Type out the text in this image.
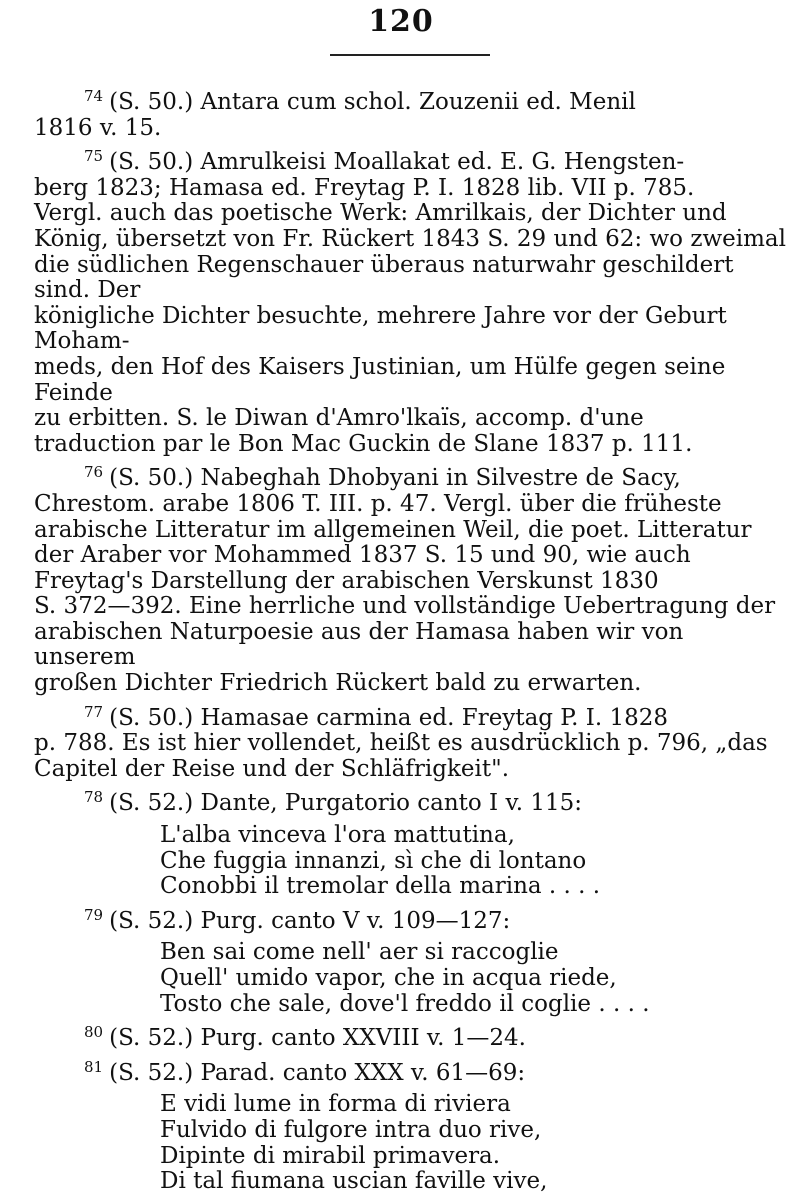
120
$^{74}$ (S. 50.) Antara cum schol. Zouzenii ed. Menil
1816 v. 15.
$^{75}$ (S. 50.) Amrulkeisi Moallakat ed. E. G. Hengsten-
berg 1823; Hamasa ed. Freytag P. I. 1828 lib. VII p. 785.
Vergl. auch das poetische Werk: Amrilkais, der Dichter und
König, übersetzt von Fr. Rückert 1843 S. 29 und 62: wo zweimal
die südlichen Regenschauer überaus naturwahr geschildert sind. Der
königliche Dichter besuchte, mehrere Jahre vor der Geburt Moham-
meds, den Hof des Kaisers Justinian, um Hülfe gegen seine Feinde
zu erbitten. S. le Diwan d'Amro'lkaïs, accomp. d'une
traduction par le Bon Mac Guckin de Slane 1837 p. 111.
$^{76}$ (S. 50.) Nabeghah Dhobyani in Silvestre de Sacy,
Chrestom. arabe 1806 T. III. p. 47. Vergl. über die früheste
arabische Litteratur im allgemeinen Weil, die poet. Litteratur
der Araber vor Mohammed 1837 S. 15 und 90, wie auch
Freytag's Darstellung der arabischen Verskunst 1830
S. 372—392. Eine herrliche und vollständige Uebertragung der
arabischen Naturpoesie aus der Hamasa haben wir von unserem
großen Dichter Friedrich Rückert bald zu erwarten.
$^{77}$ (S. 50.) Hamasae carmina ed. Freytag P. I. 1828
p. 788. Es ist hier vollendet, heißt es ausdrücklich p. 796, „das
Capitel der Reise und der Schläfrigkeit".
$^{78}$ (S. 52.) Dante, Purgatorio canto I v. 115:
L'alba vinceva l'ora mattutina,
Che fuggia innanzi, sì che di lontano
Conobbi il tremolar della marina . . . .
$^{79}$ (S. 52.) Purg. canto V v. 109—127:
Ben sai come nell' aer si raccoglie
Quell' umido vapor, che in acqua riede,
Tosto che sale, dove'l freddo il coglie . . . .
$^{80}$ (S. 52.) Purg. canto XXVIII v. 1—24.
$^{81}$ (S. 52.) Parad. canto XXX v. 61—69:
E vidi lume in forma di riviera
Fulvido di fulgore intra duo rive,
Dipinte di mirabil primavera.
Di tal fiumana uscian faville vive,
